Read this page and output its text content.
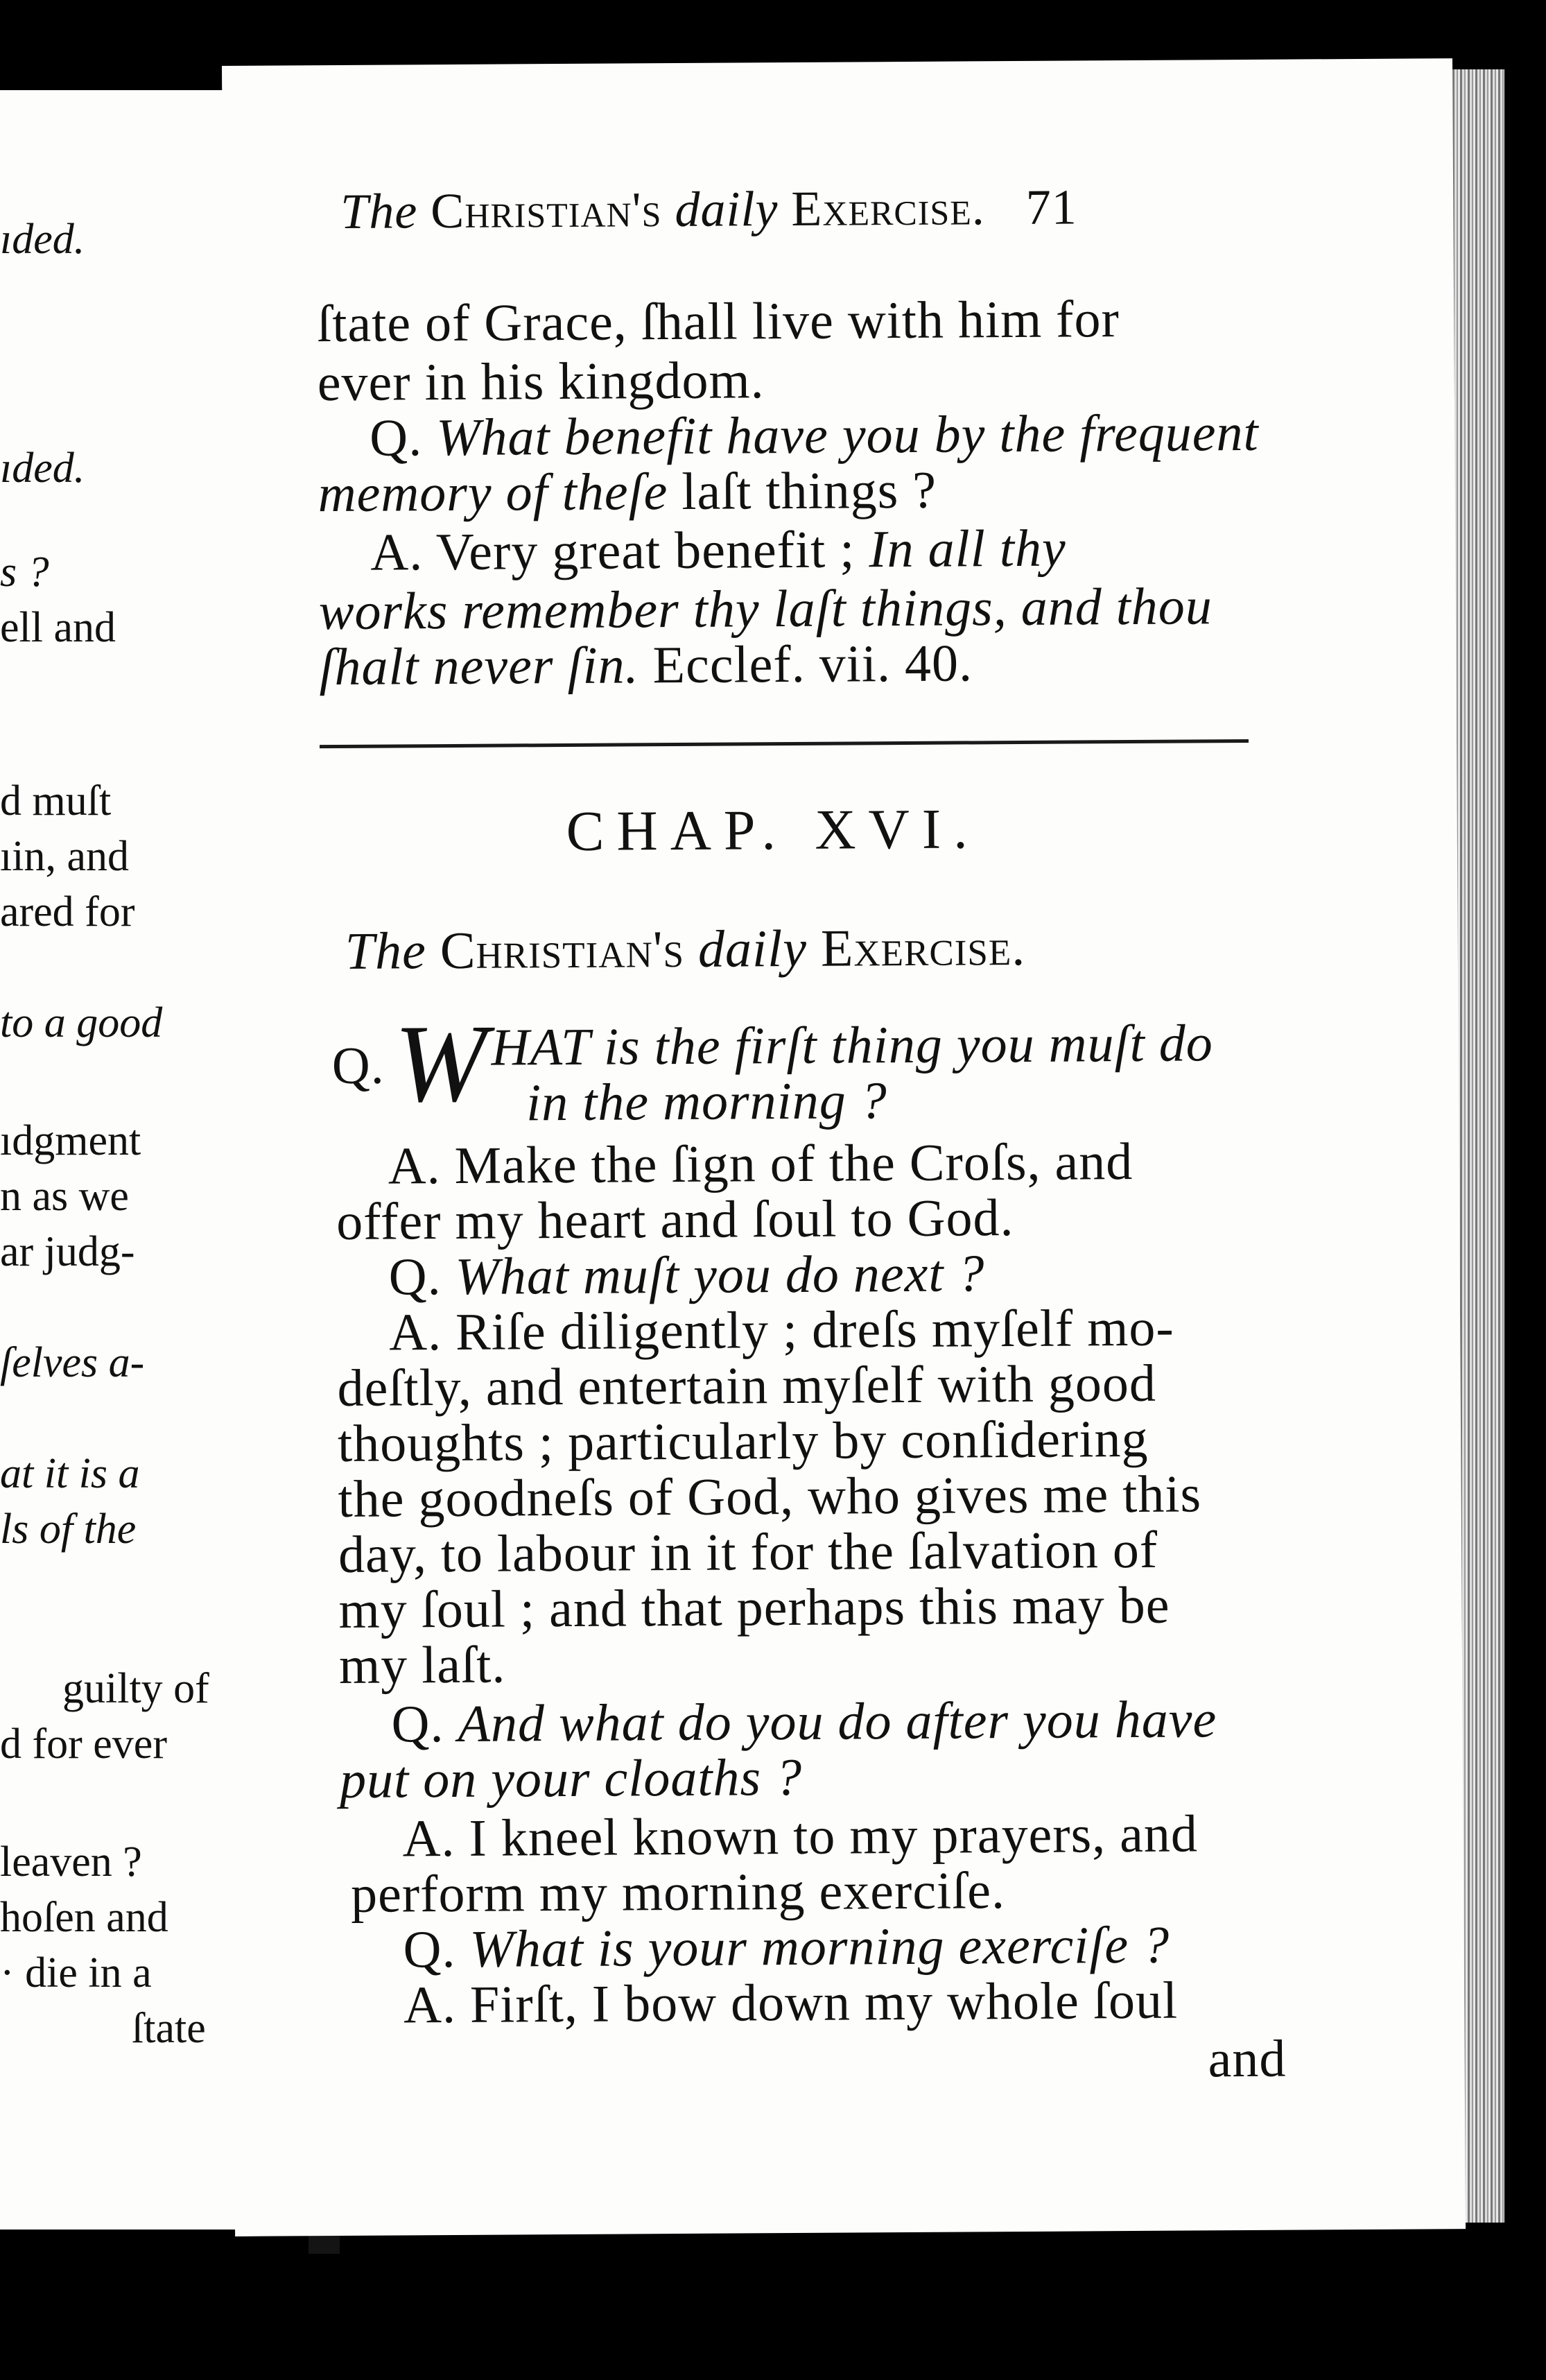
ıded.
ıded.
s ?
ell and
d muſt
ıin, and
ared for
to a good
ıdgment
n as we
ar judg-
ſelves a-
at it is a
ls of the
guilty of
d for ever
leaven ?
hoſen and
· die in a
ſtate
The Christian's daily Exercise. 71
ſtate of Grace, ſhall live with him for
ever in his kingdom.
Q. What benefit have you by the frequent
memory of theſe laſt things ?
A. Very great benefit ; In all thy
works remember thy laſt things, and thou
ſhalt never ſin. Ecclef. vii. 40.
CHAP. XVI.
The Christian's daily Exercise.
Q. W HAT is the firſt thing you muſt do
in the morning ?
A. Make the ſign of the Croſs, and
offer my heart and ſoul to God.
Q. What muſt you do next ?
A. Riſe diligently ; dreſs myſelf mo-
deſtly, and entertain myſelf with good
thoughts ; particularly by conſidering
the goodneſs of God, who gives me this
day, to labour in it for the ſalvation of
my ſoul ; and that perhaps this may be
my laſt.
Q. And what do you do after you have
put on your cloaths ?
A. I kneel known to my prayers, and
perform my morning exerciſe.
Q. What is your morning exerciſe ?
A. Firſt, I bow down my whole ſoul
and
